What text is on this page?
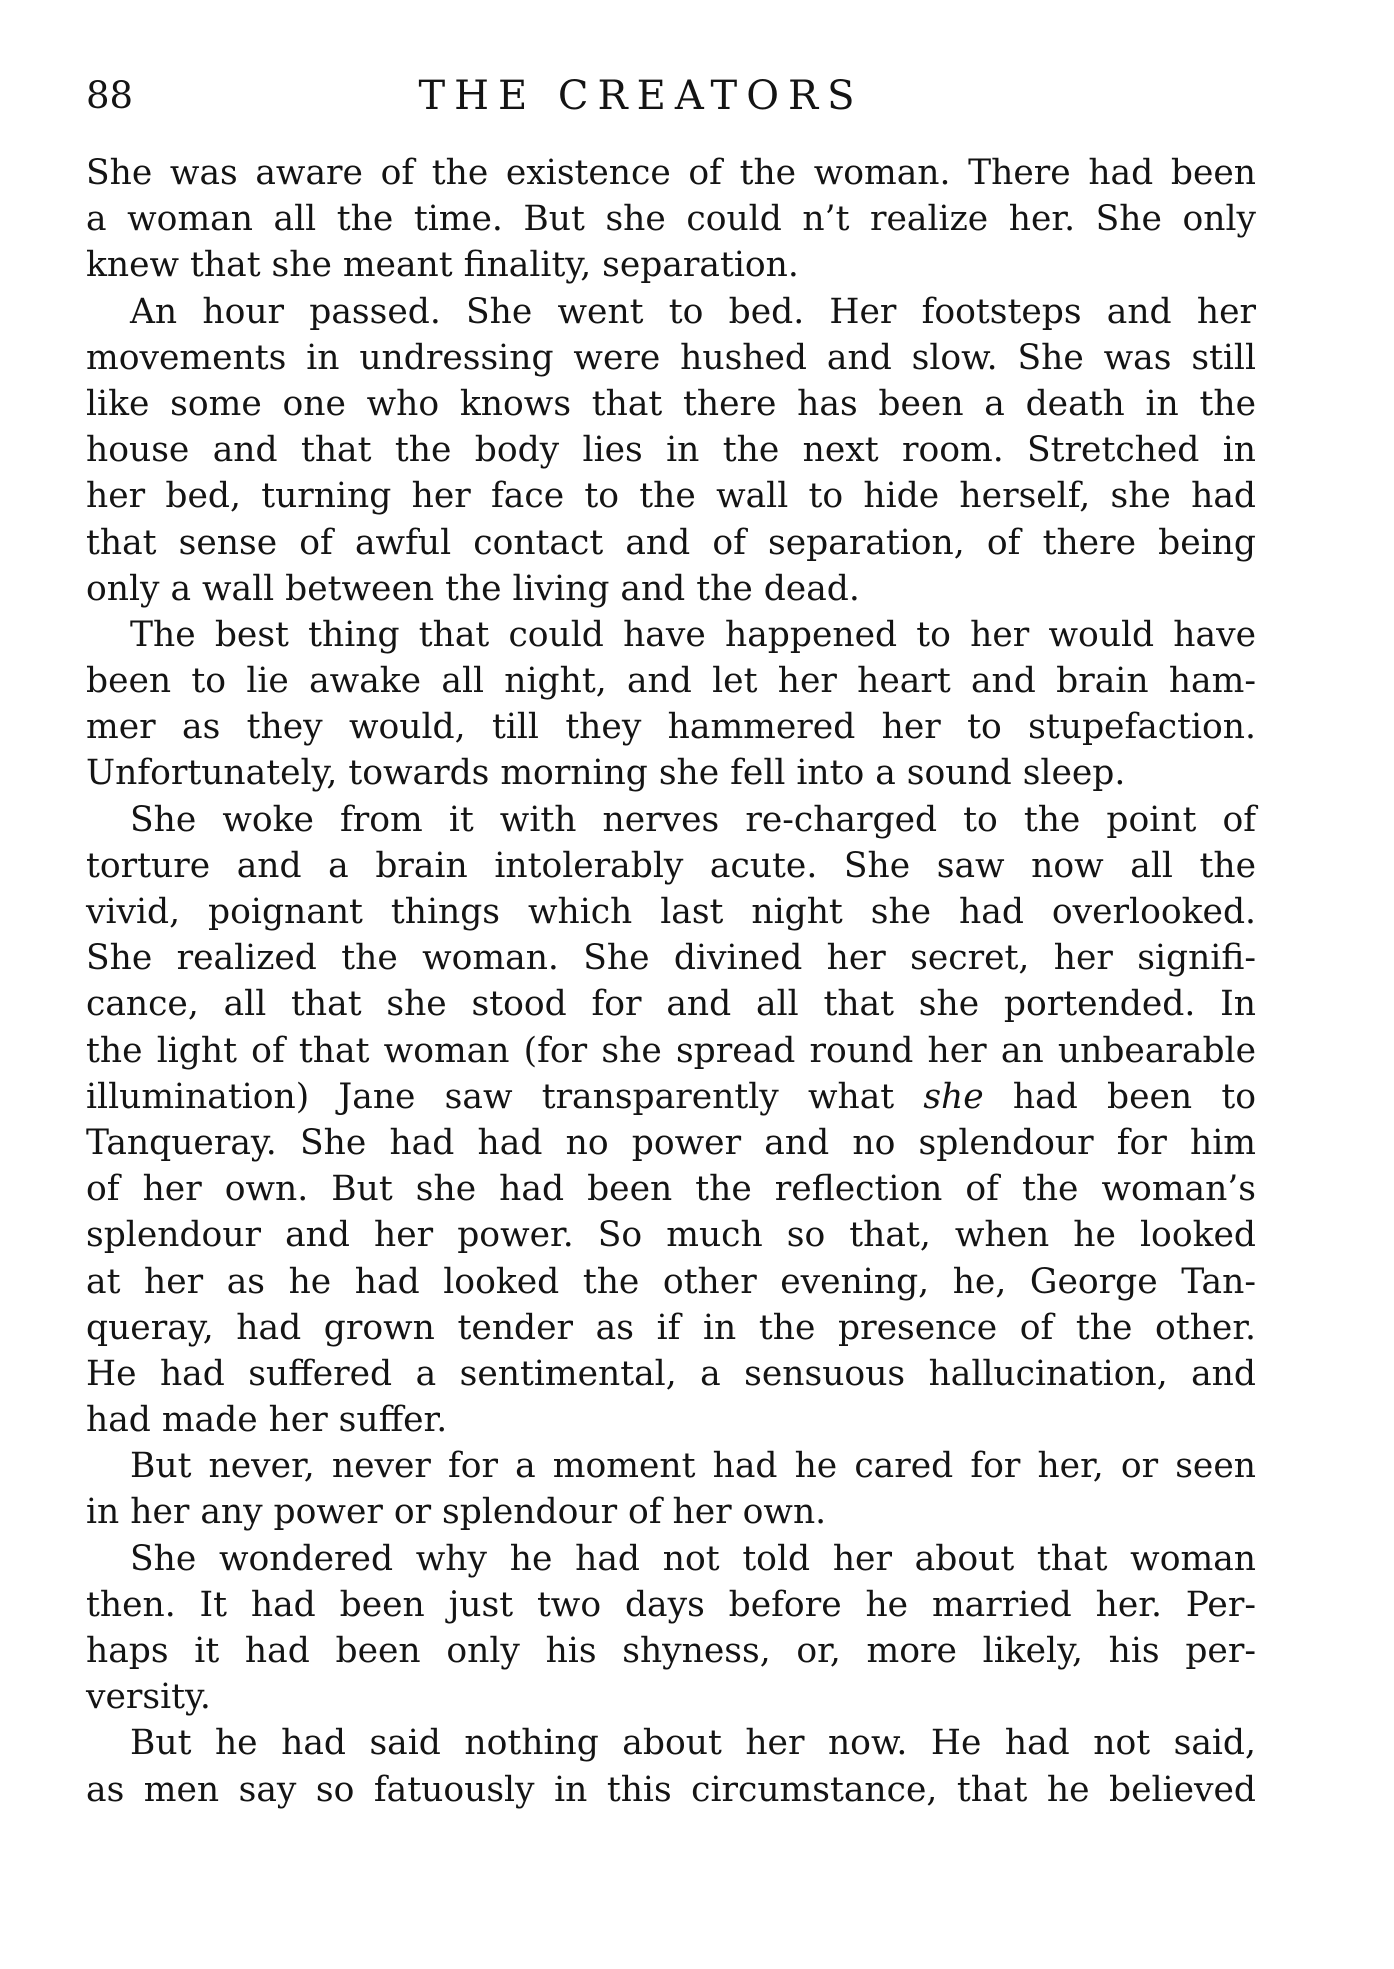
88	THE CREATORS
She was aware of the existence of the woman. There had been
a woman all the time. But she could n’t realize her. She only
knew that she meant finality, separation.
An hour passed. She went to bed. Her footsteps and her
movements in undressing were hushed and slow. She was still
like some one who knows that there has been a death in the
house and that the body lies in the next room. Stretched in
her bed, turning her face to the wall to hide herself, she had
that sense of awful contact and of separation, of there being
only a wall between the living and the dead.
The best thing that could have happened to her would have
been to lie awake all night, and let her heart and brain ham-
mer as they would, till they hammered her to stupefaction.
Unfortunately, towards morning she fell into a sound sleep.
She woke from it with nerves re-charged to the point of
torture and a brain intolerably acute. She saw now all the
vivid, poignant things which last night she had overlooked.
She realized the woman. She divined her secret, her signifi-
cance, all that she stood for and all that she portended. In
the light of that woman (for she spread round her an unbearable
illumination) Jane saw transparently what she had been to
Tanqueray. She had had no power and no splendour for him
of her own. But she had been the reflection of the woman’s
splendour and her power. So much so that, when he looked
at her as he had looked the other evening, he, George Tan-
queray, had grown tender as if in the presence of the other.
He had suffered a sentimental, a sensuous hallucination, and
had made her suffer.
But never, never for a moment had he cared for her, or seen
in her any power or splendour of her own.
She wondered why he had not told her about that woman
then. It had been just two days before he married her. Per-
haps it had been only his shyness, or, more likely, his per-
versity.
But he had said nothing about her now. He had not said,
as men say so fatuously in this circumstance, that he believed
